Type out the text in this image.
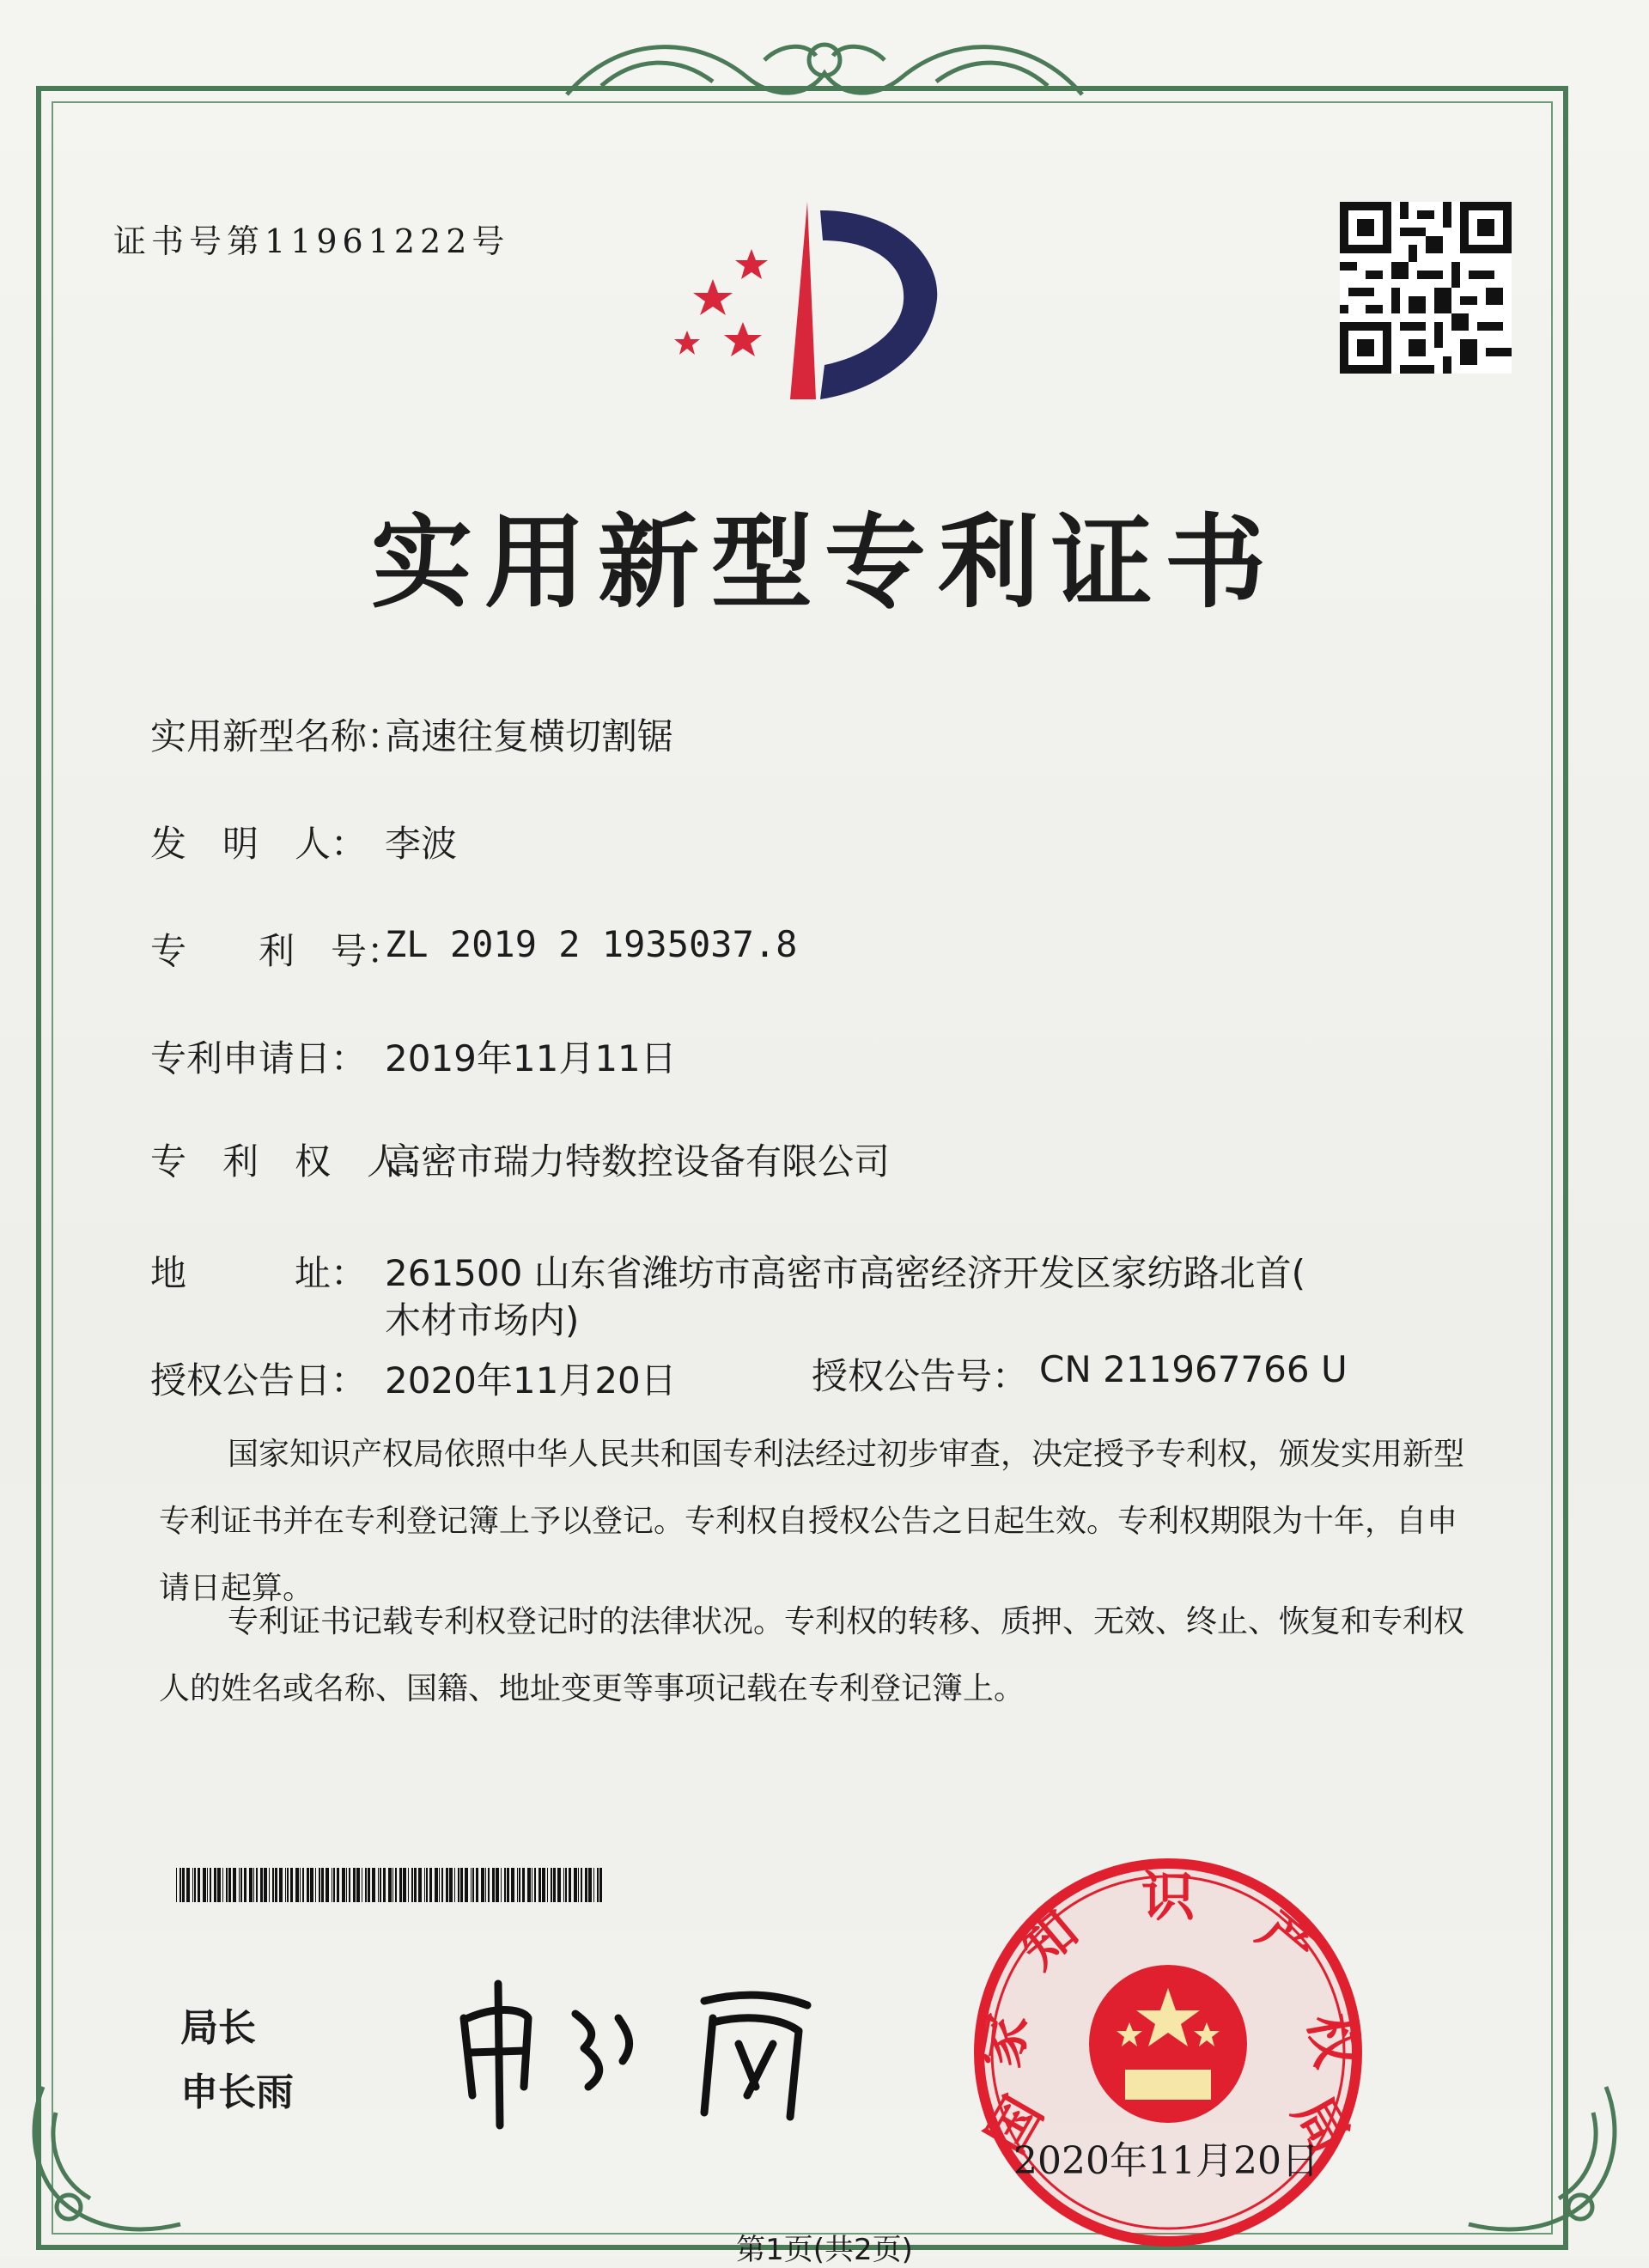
证书号第11961222号
实用新型专利证书
实用新型名称：
高速往复横切割锯
发　明　人： 李波
专　　利　号：
ZL 2019 2 1935037.8
专利申请日： 2019年11月11日
专　利　权　人：
高密市瑞力特数控设备有限公司
地　　　址： 261500 山东省潍坊市高密市高密经济开发区家纺路北首(
木材市场内)
授权公告日： 2020年11月20日	授权公告号： CN 211967766 U
国家知识产权局依照中华人民共和国专利法经过初步审查，决定授予专利权，颁发实用新型专利证书并在专利登记簿上予以登记。专利权自授权公告之日起生效。专利权期限为十年，自申请日起算。
专利证书记载专利权登记时的法律状况。专利权的转移、质押、无效、终止、恢复和专利权人的姓名或名称、国籍、地址变更等事项记载在专利登记簿上。
局长
申长雨	国
家
知
识
产
权
局
2020年11月20日
第1页(共2页)
